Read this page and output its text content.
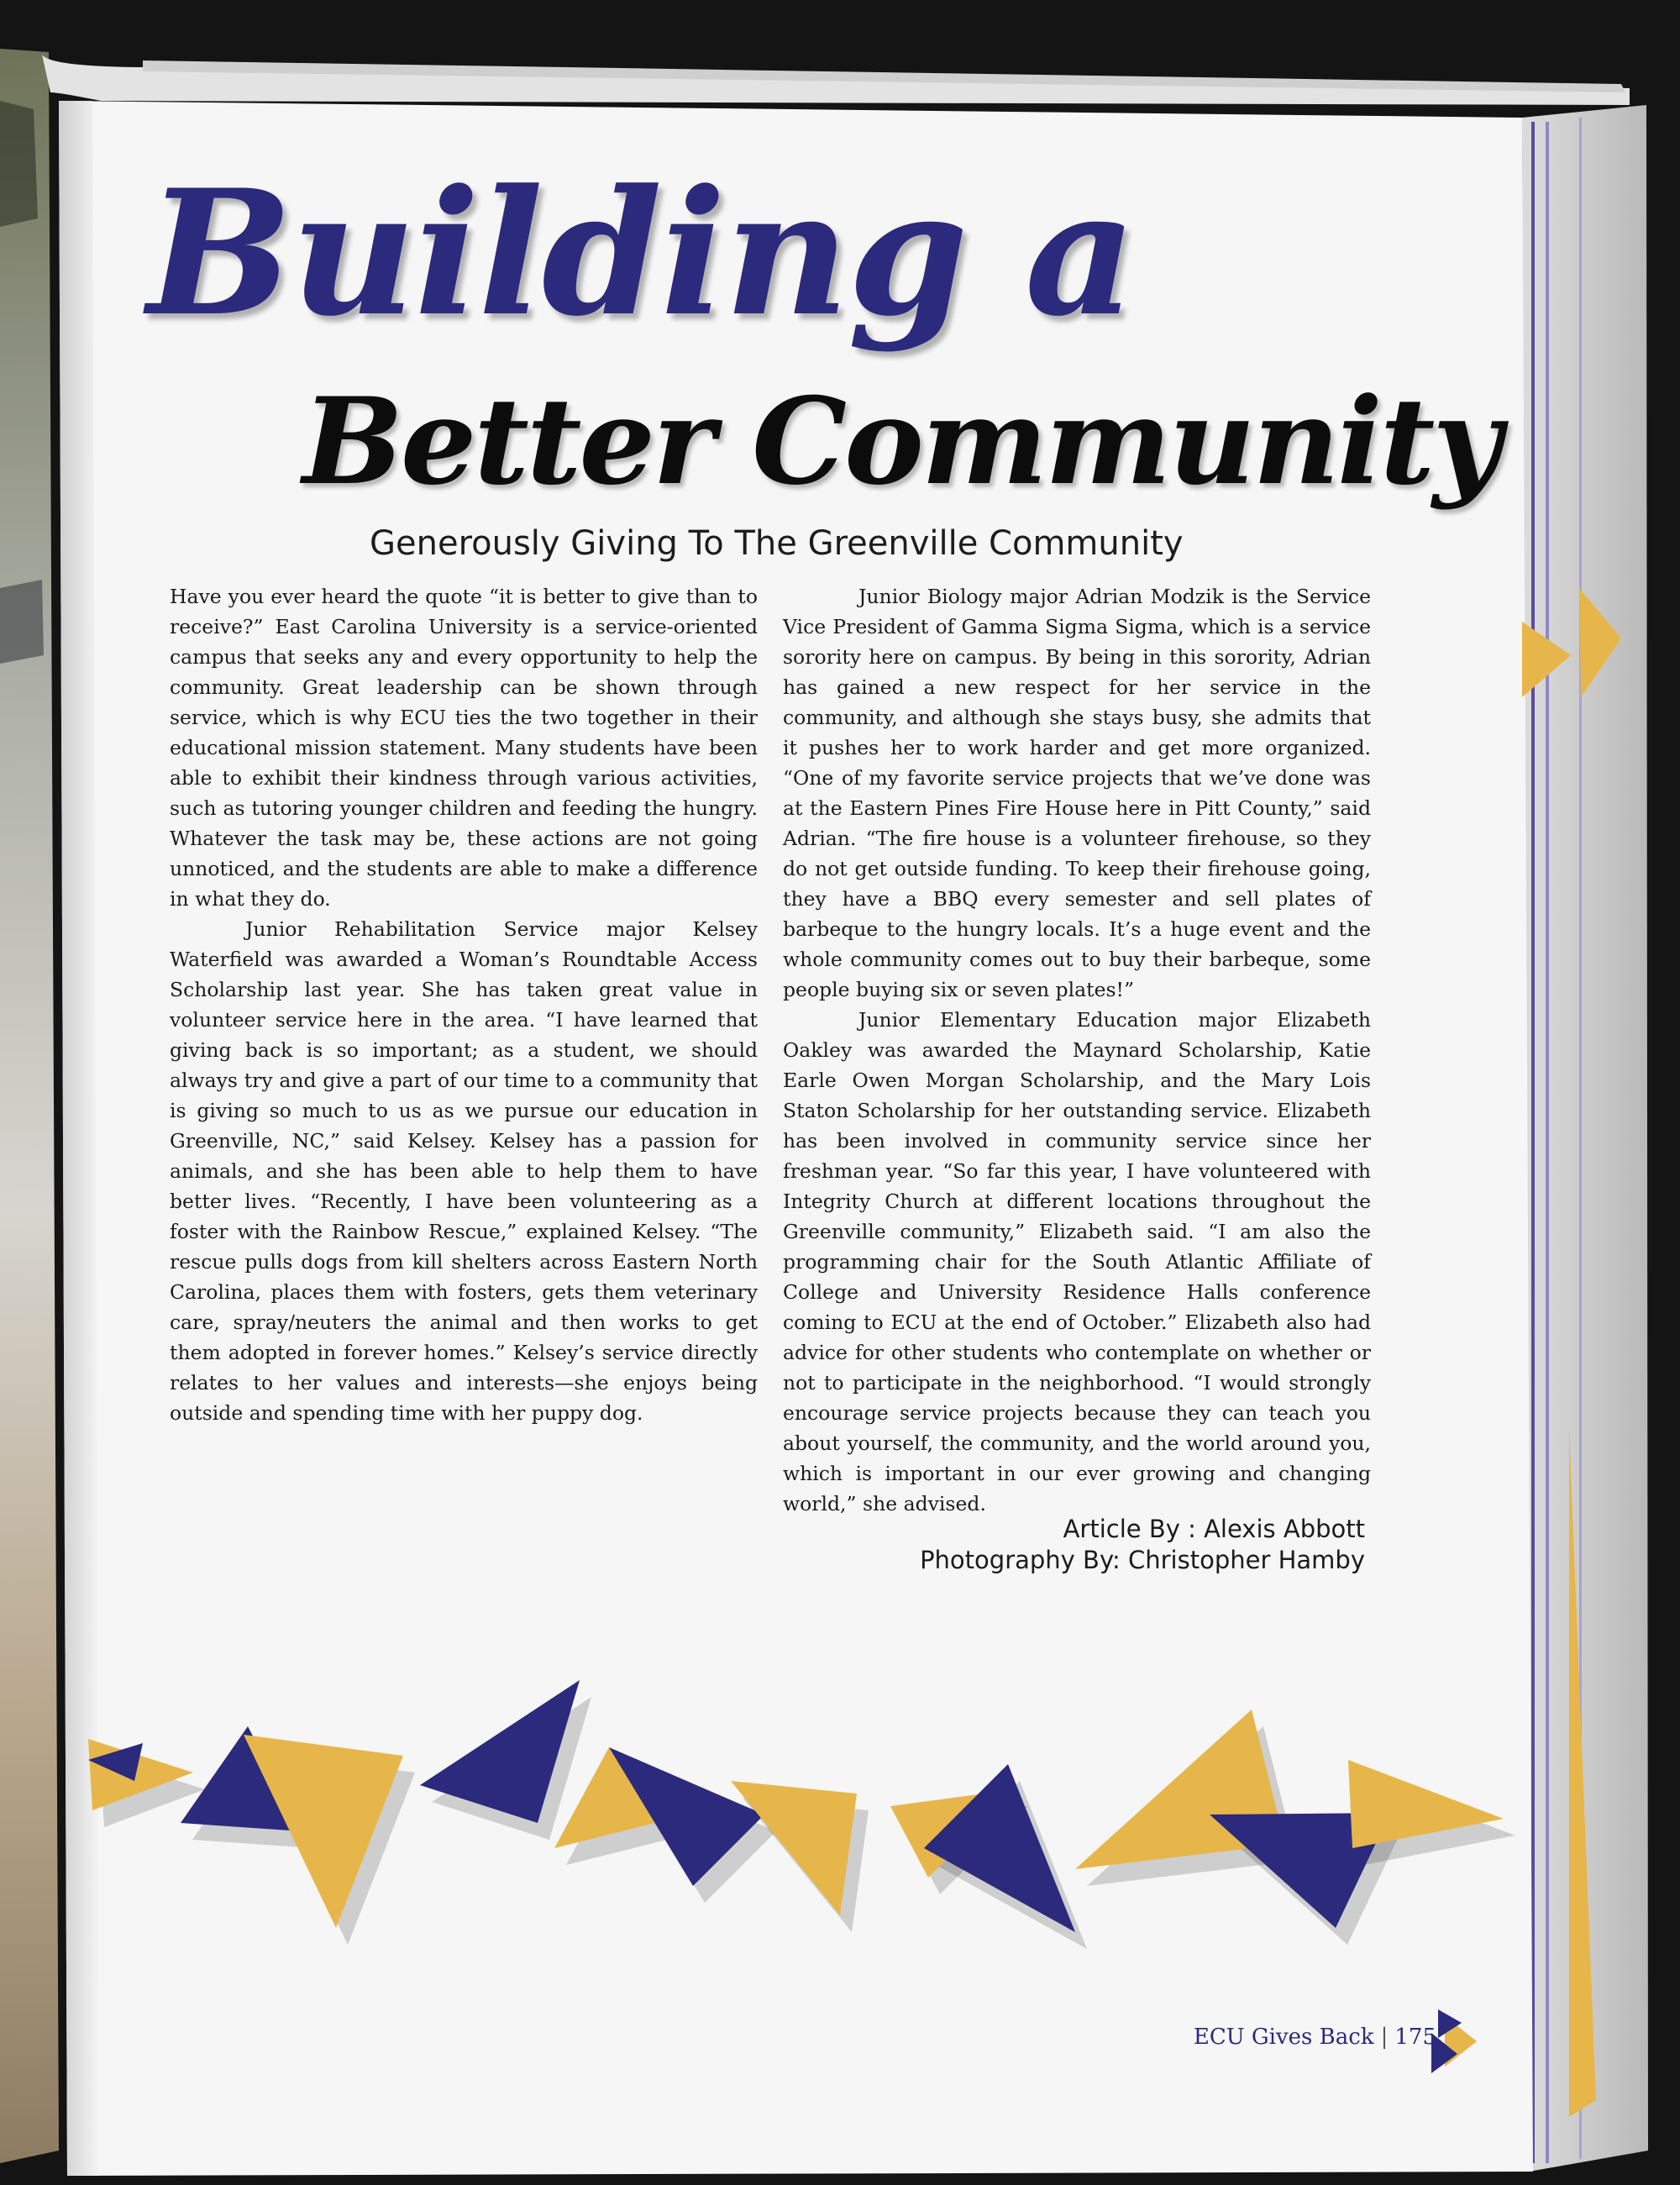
Building a
Better Community
Generously Giving To The Greenville Community

Have you ever heard the quote “it is better to give than to receive?” East Carolina University is a service-oriented campus that seeks any and every opportunity to help the community. Great leadership can be shown through service, which is why ECU ties the two together in their educational mission statement. Many students have been able to exhibit their kindness through various activities, such as tutoring younger children and feeding the hungry. Whatever the task may be, these actions are not going unnoticed, and the students are able to make a difference in what they do.

Junior Rehabilitation Service major Kelsey Waterfield was awarded a Woman’s Roundtable Access Scholarship last year. She has taken great value in volunteer service here in the area. “I have learned that giving back is so important; as a student, we should always try and give a part of our time to a community that is giving so much to us as we pursue our education in Greenville, NC,” said Kelsey. Kelsey has a passion for animals, and she has been able to help them to have better lives. “Recently, I have been volunteering as a foster with the Rainbow Rescue,” explained Kelsey. “The rescue pulls dogs from kill shelters across Eastern North Carolina, places them with fosters, gets them veterinary care, spray/neuters the animal and then works to get them adopted in forever homes.” Kelsey’s service directly relates to her values and interests—she enjoys being outside and spending time with her puppy dog.

Junior Biology major Adrian Modzik is the Service Vice President of Gamma Sigma Sigma, which is a service sorority here on campus. By being in this sorority, Adrian has gained a new respect for her service in the community, and although she stays busy, she admits that it pushes her to work harder and get more organized. “One of my favorite service projects that we’ve done was at the Eastern Pines Fire House here in Pitt County,” said Adrian. “The fire house is a volunteer firehouse, so they do not get outside funding. To keep their firehouse going, they have a BBQ every semester and sell plates of barbeque to the hungry locals. It’s a huge event and the whole community comes out to buy their barbeque, some people buying six or seven plates!”

Junior Elementary Education major Elizabeth Oakley was awarded the Maynard Scholarship, Katie Earle Owen Morgan Scholarship, and the Mary Lois Staton Scholarship for her outstanding service. Elizabeth has been involved in community service since her freshman year. “So far this year, I have volunteered with Integrity Church at different locations throughout the Greenville community,” Elizabeth said. “I am also the programming chair for the South Atlantic Affiliate of College and University Residence Halls conference coming to ECU at the end of October.” Elizabeth also had advice for other students who contemplate on whether or not to participate in the neighborhood. “I would strongly encourage service projects because they can teach you about yourself, the community, and the world around you, which is important in our ever growing and changing world,” she advised.

Article By : Alexis Abbott
Photography By: Christopher Hamby
ECU Gives Back | 175
